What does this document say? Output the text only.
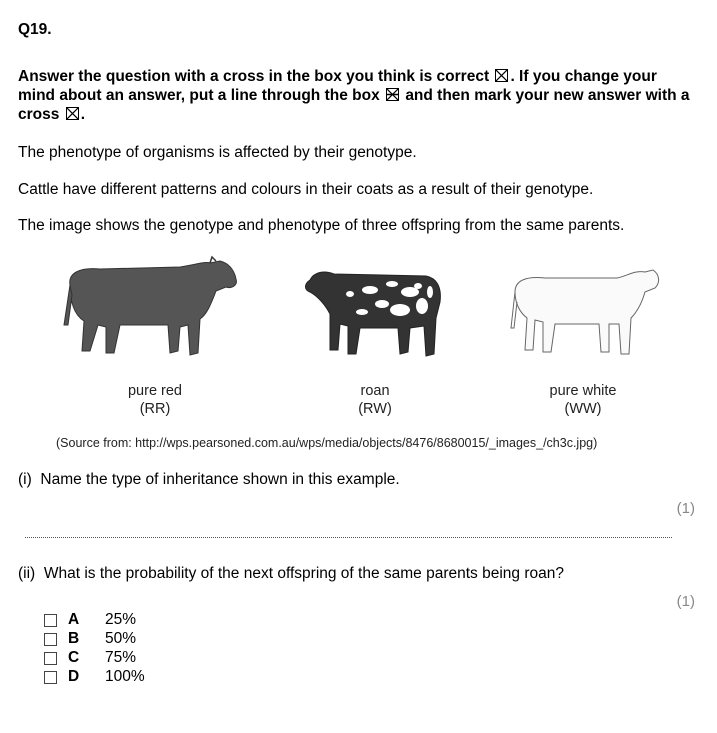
Q19.
Answer the question with a cross in the box you think is correct ☒ . If you change your mind about an answer, put a line through the box and then mark your new answer with a cross ☒ .
The phenotype of organisms is affected by their genotype.
Cattle have different patterns and colours in their coats as a result of their genotype.
The image shows the genotype and phenotype of three offspring from the same parents.
pure red
(RR)
roan
(RW)
pure white
(WW)
(Source from: http://wps.pearsoned.com.au/wps/media/objects/8476/8680015/_images_/ch3c.jpg)
(i) Name the type of inheritance shown in this example.
(1)
(ii) What is the probability of the next offspring of the same parents being roan?
(1)
A 25%
B 50%
C 75%
D 100%
